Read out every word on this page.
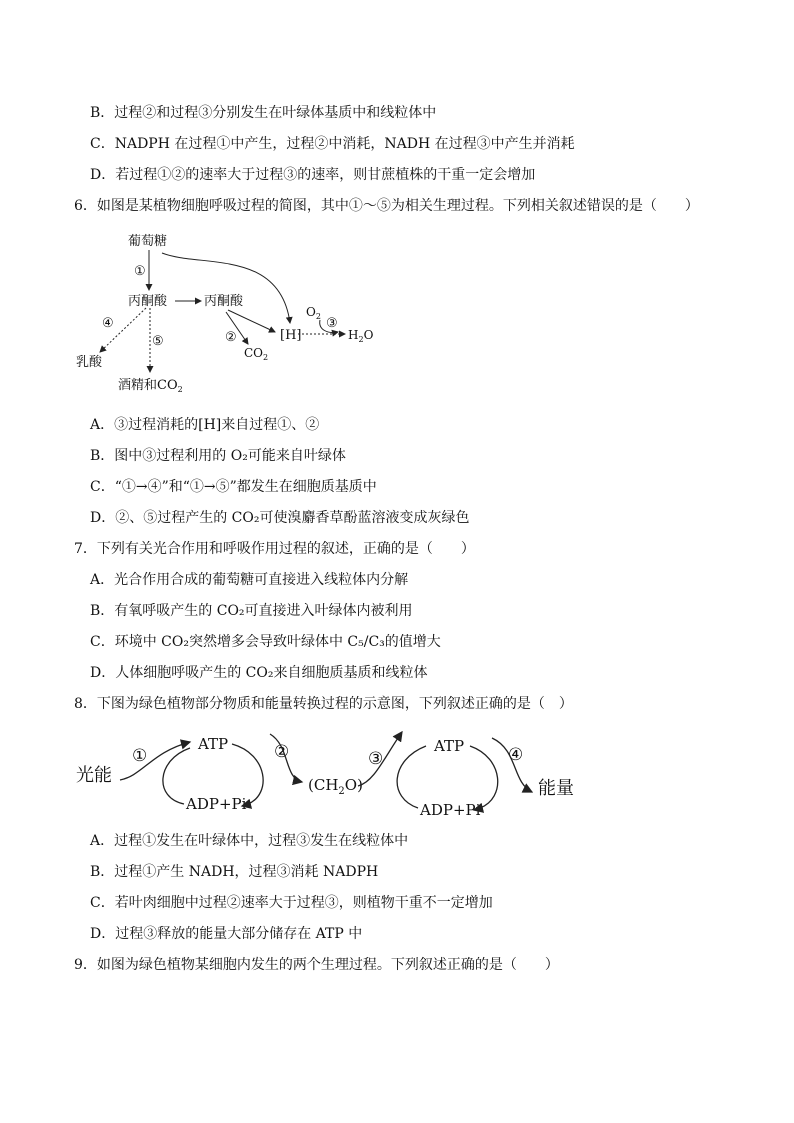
B．过程②和过程③分别发生在叶绿体基质中和线粒体中
C．NADPH 在过程①中产生，过程②中消耗，NADH 在过程③中产生并消耗
D．若过程①②的速率大于过程③的速率，则甘蔗植株的干重一定会增加
6．如图是某植物细胞呼吸过程的简图，其中①～⑤为相关生理过程。下列相关叙述错误的是（　　）
葡萄糖
①
丙酮酸	丙酮酸
④
⑤	②
③
乳酸
酒精和$CO_2$
[H]
$O_2$
$H_2O$
$CO_2$
A．③过程消耗的[H]来自过程①、②
B．图中③过程利用的 O₂可能来自叶绿体
C．“①→④”和“①→⑤”都发生在细胞质基质中
D．②、⑤过程产生的 CO₂可使溴麝香草酚蓝溶液变成灰绿色
7．下列有关光合作用和呼吸作用过程的叙述，正确的是（　　）
A．光合作用合成的葡萄糖可直接进入线粒体内分解
B．有氧呼吸产生的 CO₂可直接进入叶绿体内被利用
C．环境中 CO₂突然增多会导致叶绿体中 C₅/C₃的值增大
D．人体细胞呼吸产生的 CO₂来自细胞质基质和线粒体
8．下图为绿色植物部分物质和能量转换过程的示意图，下列叙述正确的是（　）
光能
①
ATP	②
ADP+Pi
$(CH_2O)$
③
ATP	④
ADP+Pi
能量
A．过程①发生在叶绿体中，过程③发生在线粒体中
B．过程①产生 NADH，过程③消耗 NADPH
C．若叶肉细胞中过程②速率大于过程③，则植物干重不一定增加
D．过程③释放的能量大部分储存在 ATP 中
9．如图为绿色植物某细胞内发生的两个生理过程。下列叙述正确的是（　　）
